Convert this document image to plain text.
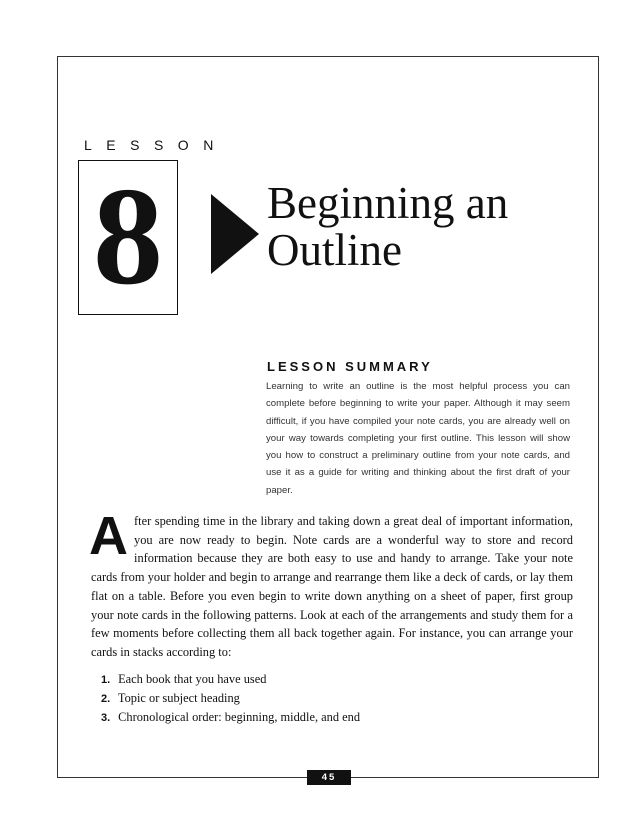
LESSON
8	Beginning an
Outline
LESSON SUMMARY
Learning to write an outline is the most helpful process you can complete before beginning to write your paper. Although it may seem difficult, if you have compiled your note cards, you are already well on your way towards completing your first outline. This lesson will show you how to construct a preliminary outline from your note cards, and use it as a guide for writing and thinking about the first draft of your paper.
After spending time in the library and taking down a great deal of important information, you are now ready to begin. Note cards are a wonderful way to store and record information because they are both easy to use and handy to arrange. Take your note cards from your holder and begin to arrange and rearrange them like a deck of cards, or lay them flat on a table. Before you even begin to write down anything on a sheet of paper, first group your note cards in the following patterns. Look at each of the arrangements and study them for a few moments before collecting them all back together again. For instance, you can arrange your cards in stacks according to:
1. Each book that you have used
2. Topic or subject heading
3. Chronological order: beginning, middle, and end
45
